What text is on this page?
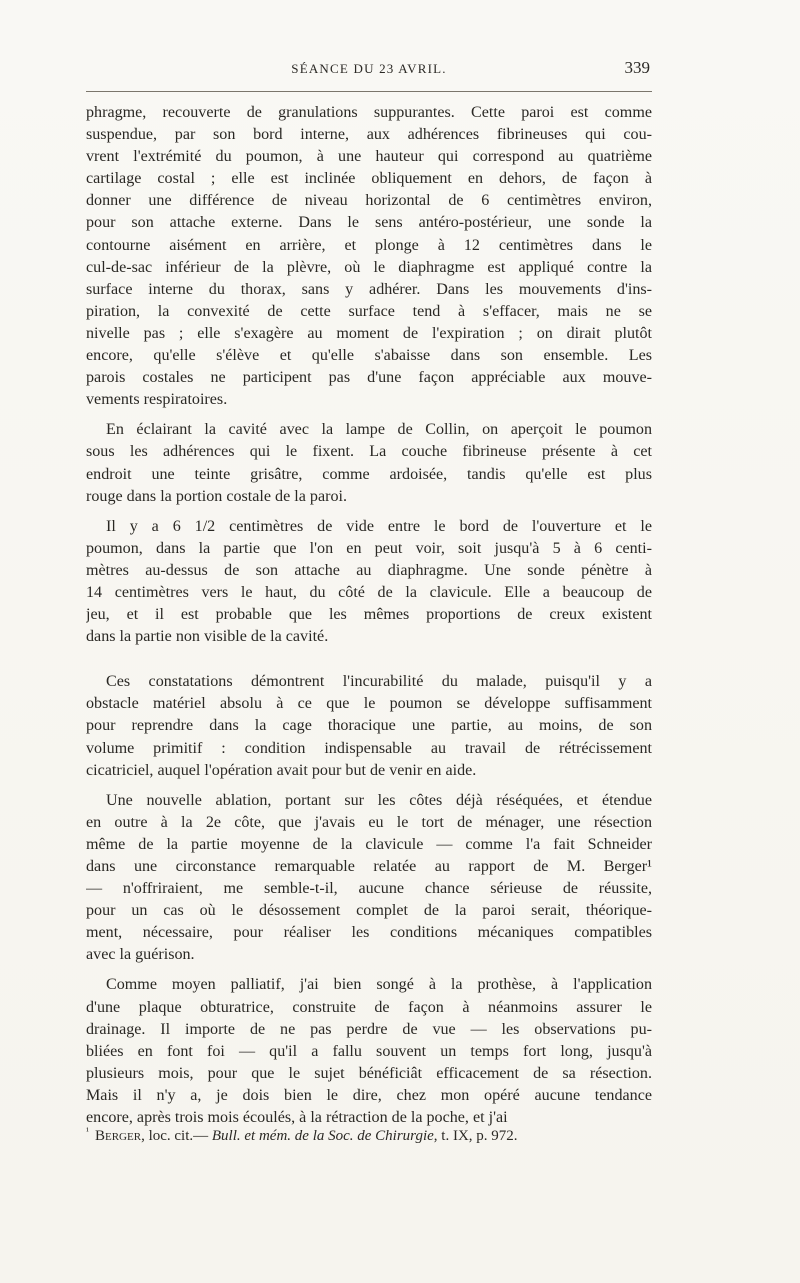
SÉANCE DU 23 AVRIL.	339
phragme, recouverte de granulations suppurantes. Cette paroi est comme
suspendue, par son bord interne, aux adhérences fibrineuses qui cou-
vrent l'extrémité du poumon, à une hauteur qui correspond au quatrième
cartilage costal ; elle est inclinée obliquement en dehors, de façon à
donner une différence de niveau horizontal de 6 centimètres environ,
pour son attache externe. Dans le sens antéro-postérieur, une sonde la
contourne aisément en arrière, et plonge à 12 centimètres dans le
cul-de-sac inférieur de la plèvre, où le diaphragme est appliqué contre la
surface interne du thorax, sans y adhérer. Dans les mouvements d'ins-
piration, la convexité de cette surface tend à s'effacer, mais ne se
nivelle pas ; elle s'exagère au moment de l'expiration ; on dirait plutôt
encore, qu'elle s'élève et qu'elle s'abaisse dans son ensemble. Les
parois costales ne participent pas d'une façon appréciable aux mouve-
vements respiratoires.
En éclairant la cavité avec la lampe de Collin, on aperçoit le poumon
sous les adhérences qui le fixent. La couche fibrineuse présente à cet
endroit une teinte grisâtre, comme ardoisée, tandis qu'elle est plus
rouge dans la portion costale de la paroi.
Il y a 6 1/2 centimètres de vide entre le bord de l'ouverture et le
poumon, dans la partie que l'on en peut voir, soit jusqu'à 5 à 6 centi-
mètres au-dessus de son attache au diaphragme. Une sonde pénètre à
14 centimètres vers le haut, du côté de la clavicule. Elle a beaucoup de
jeu, et il est probable que les mêmes proportions de creux existent
dans la partie non visible de la cavité.
Ces constatations démontrent l'incurabilité du malade, puisqu'il y a
obstacle matériel absolu à ce que le poumon se développe suffisamment
pour reprendre dans la cage thoracique une partie, au moins, de son
volume primitif : condition indispensable au travail de rétrécissement
cicatriciel, auquel l'opération avait pour but de venir en aide.
Une nouvelle ablation, portant sur les côtes déjà réséquées, et étendue
en outre à la 2e côte, que j'avais eu le tort de ménager, une résection
même de la partie moyenne de la clavicule — comme l'a fait Schneider
dans une circonstance remarquable relatée au rapport de M. Berger¹
— n'offriraient, me semble-t-il, aucune chance sérieuse de réussite,
pour un cas où le désossement complet de la paroi serait, théorique-
ment, nécessaire, pour réaliser les conditions mécaniques compatibles
avec la guérison.
Comme moyen palliatif, j'ai bien songé à la prothèse, à l'application
d'une plaque obturatrice, construite de façon à néanmoins assurer le
drainage. Il importe de ne pas perdre de vue — les observations pu-
bliées en font foi — qu'il a fallu souvent un temps fort long, jusqu'à
plusieurs mois, pour que le sujet bénéficiât efficacement de sa résection.
Mais il n'y a, je dois bien le dire, chez mon opéré aucune tendance
encore, après trois mois écoulés, à la rétraction de la poche, et j'ai
$^{^1}$ Berger, loc. cit.— Bull. et mém. de la Soc. de Chirurgie, t. IX, p. 972.
